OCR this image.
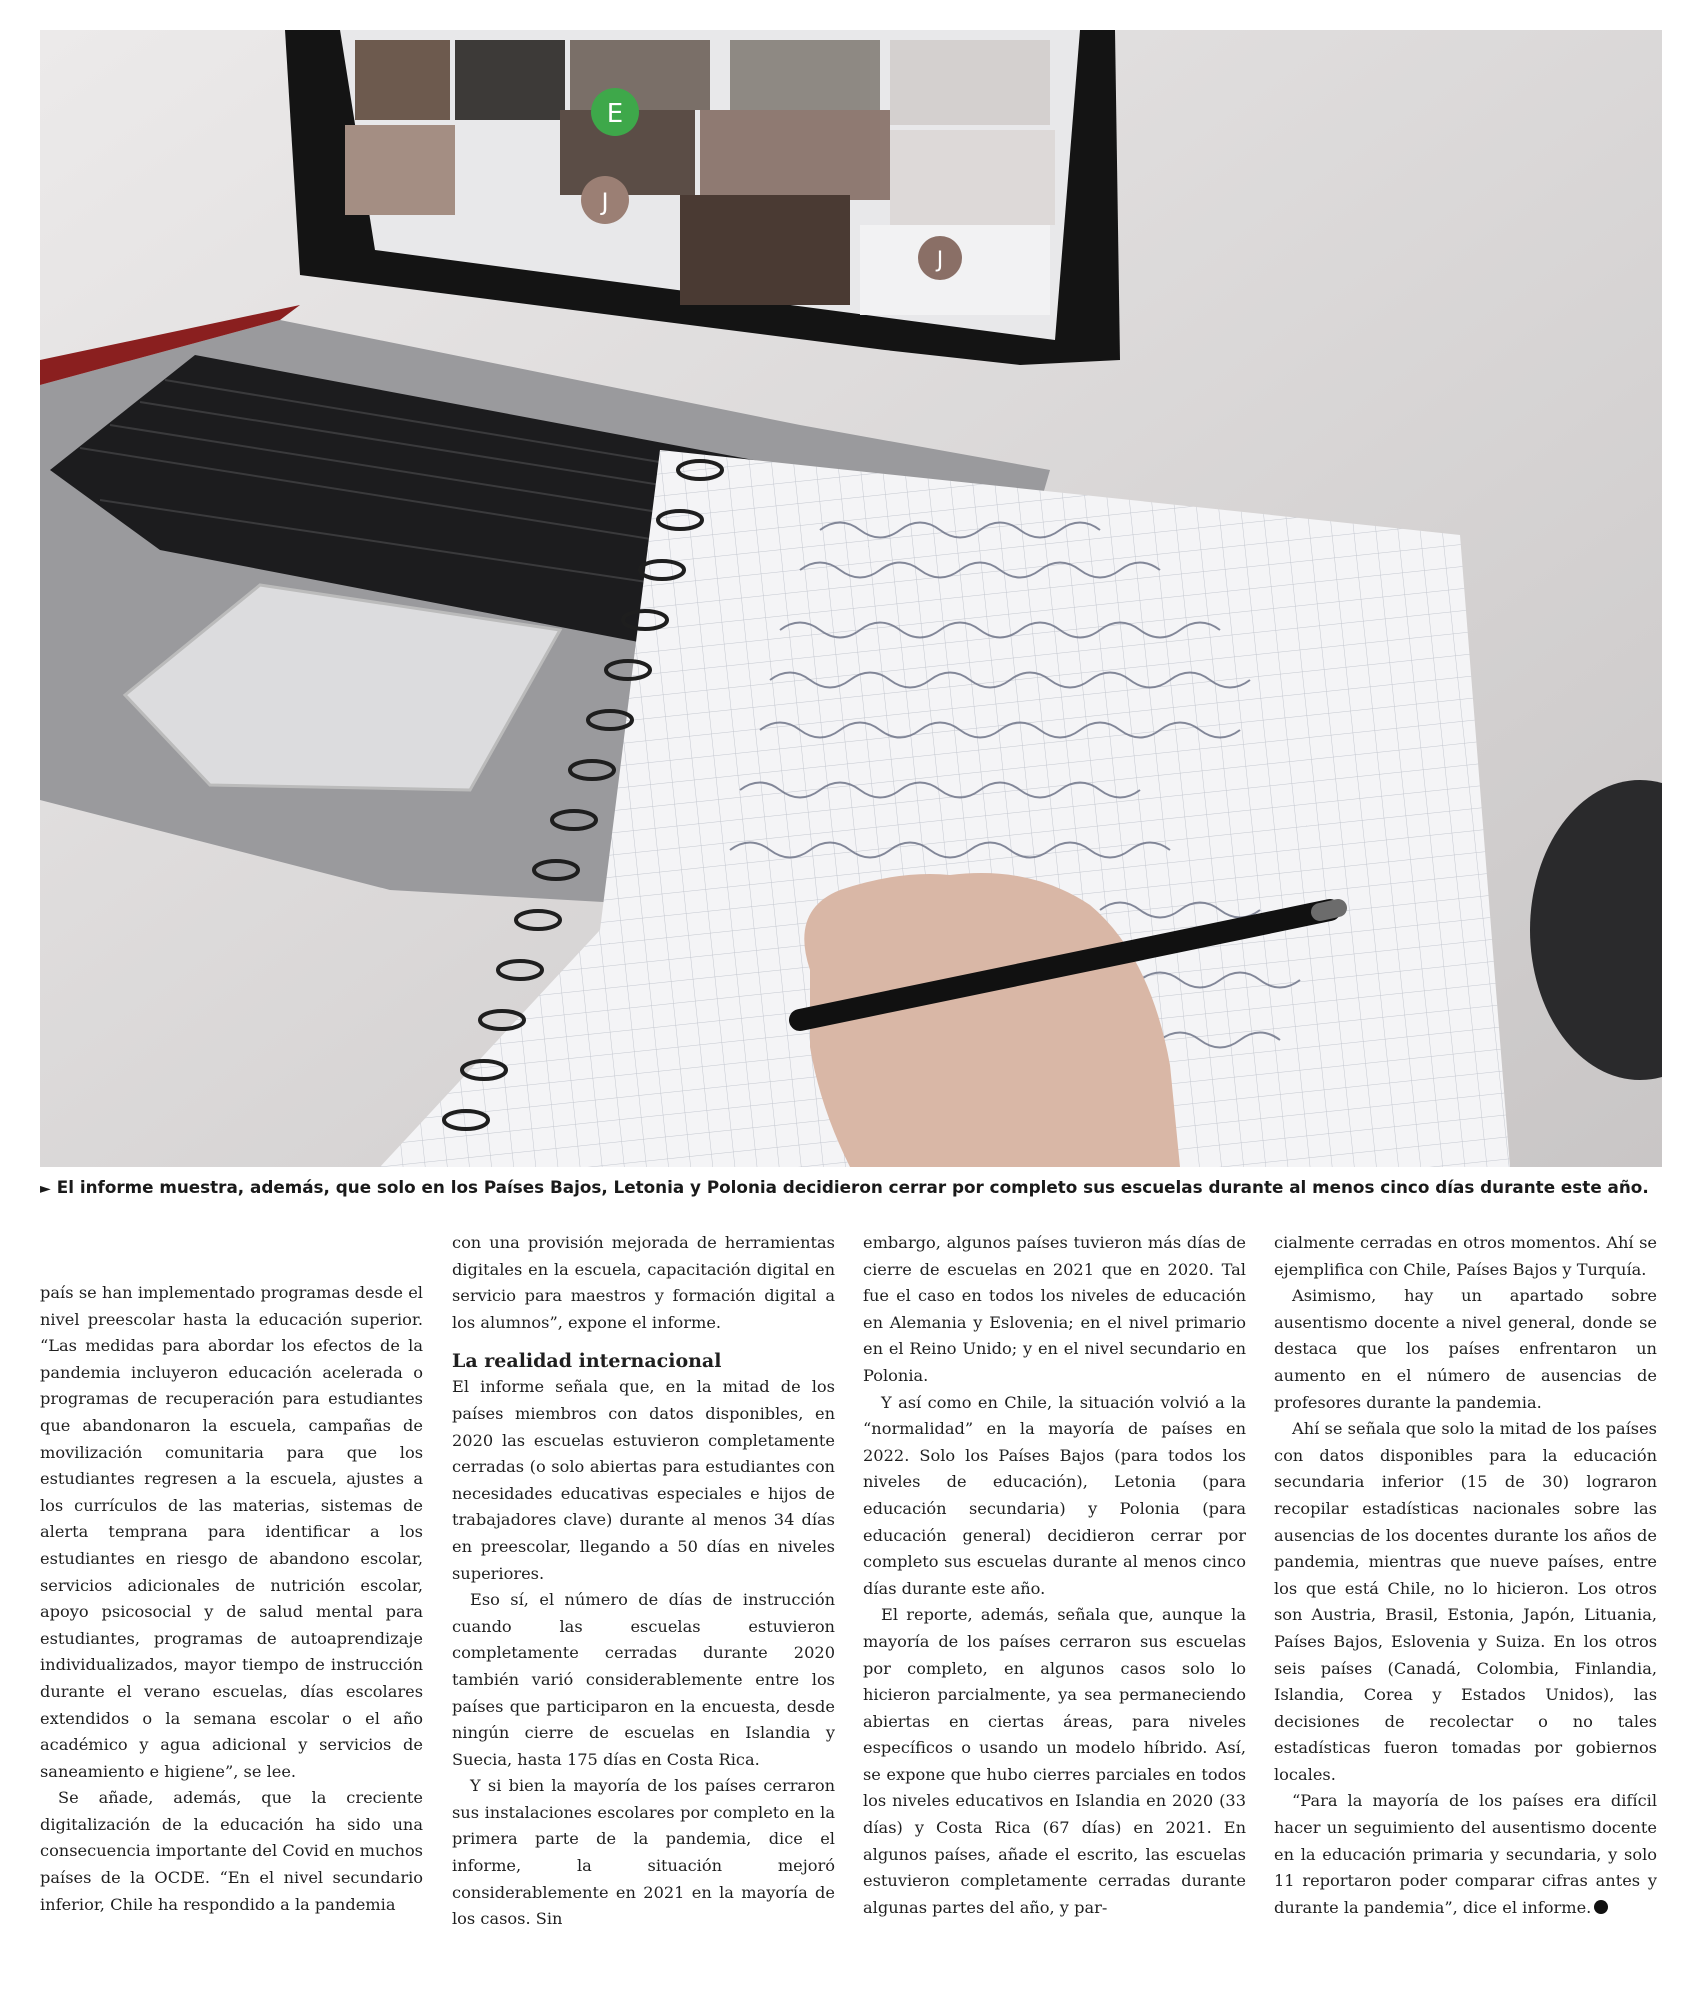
E
J
J
► El informe muestra, además, que solo en los Países Bajos, Letonia y Polonia decidieron cerrar por completo sus escuelas durante al menos cinco días durante este año.

país se han implementado programas desde el nivel preescolar hasta la educación superior. “Las medidas para abordar los efectos de la pandemia incluyeron educación acelerada o programas de recuperación para estudiantes que abandonaron la escuela, campañas de movilización comunitaria para que los estudiantes regresen a la escuela, ajustes a los currículos de las materias, sistemas de alerta temprana para identificar a los estudiantes en riesgo de abandono escolar, servicios adicionales de nutrición escolar, apoyo psicosocial y de salud mental para estudiantes, programas de autoaprendizaje individualizados, mayor tiempo de instrucción durante el verano escuelas, días escolares extendidos o la semana escolar o el año académico y agua adicional y servicios de saneamiento e higiene”, se lee.

Se añade, además, que la creciente digitalización de la educación ha sido una consecuencia importante del Covid en muchos países de la OCDE. “En el nivel secundario inferior, Chile ha respondido a la pandemia

con una provisión mejorada de herramientas digitales en la escuela, capacitación digital en servicio para maestros y formación digital a los alumnos”, expone el informe.

La realidad internacional

El informe señala que, en la mitad de los países miembros con datos disponibles, en 2020 las escuelas estuvieron completamente cerradas (o solo abiertas para estudiantes con necesidades educativas especiales e hijos de trabajadores clave) durante al menos 34 días en preescolar, llegando a 50 días en niveles superiores.

Eso sí, el número de días de instrucción cuando las escuelas estuvieron completamente cerradas durante 2020 también varió considerablemente entre los países que participaron en la encuesta, desde ningún cierre de escuelas en Islandia y Suecia, hasta 175 días en Costa Rica.

Y si bien la mayoría de los países cerraron sus instalaciones escolares por completo en la primera parte de la pandemia, dice el informe, la situación mejoró considerablemente en 2021 en la mayoría de los casos. Sin

embargo, algunos países tuvieron más días de cierre de escuelas en 2021 que en 2020. Tal fue el caso en todos los niveles de educación en Alemania y Eslovenia; en el nivel primario en el Reino Unido; y en el nivel secundario en Polonia.

Y así como en Chile, la situación volvió a la “normalidad” en la mayoría de países en 2022. Solo los Países Bajos (para todos los niveles de educación), Letonia (para educación secundaria) y Polonia (para educación general) decidieron cerrar por completo sus escuelas durante al menos cinco días durante este año.

El reporte, además, señala que, aunque la mayoría de los países cerraron sus escuelas por completo, en algunos casos solo lo hicieron parcialmente, ya sea permaneciendo abiertas en ciertas áreas, para niveles específicos o usando un modelo híbrido. Así, se expone que hubo cierres parciales en todos los niveles educativos en Islandia en 2020 (33 días) y Costa Rica (67 días) en 2021. En algunos países, añade el escrito, las escuelas estuvieron completamente cerradas durante algunas partes del año, y par-

cialmente cerradas en otros momentos. Ahí se ejemplifica con Chile, Países Bajos y Turquía.

Asimismo, hay un apartado sobre ausentismo docente a nivel general, donde se destaca que los países enfrentaron un aumento en el número de ausencias de profesores durante la pandemia.

Ahí se señala que solo la mitad de los países con datos disponibles para la educación secundaria inferior (15 de 30) lograron recopilar estadísticas nacionales sobre las ausencias de los docentes durante los años de pandemia, mientras que nueve países, entre los que está Chile, no lo hicieron. Los otros son Austria, Brasil, Estonia, Japón, Lituania, Países Bajos, Eslovenia y Suiza. En los otros seis países (Canadá, Colombia, Finlandia, Islandia, Corea y Estados Unidos), las decisiones de recolectar o no tales estadísticas fueron tomadas por gobiernos locales.

“Para la mayoría de los países era difícil hacer un seguimiento del ausentismo docente en la educación primaria y secundaria, y solo 11 reportaron poder comparar cifras antes y durante la pandemia”, dice el informe.
